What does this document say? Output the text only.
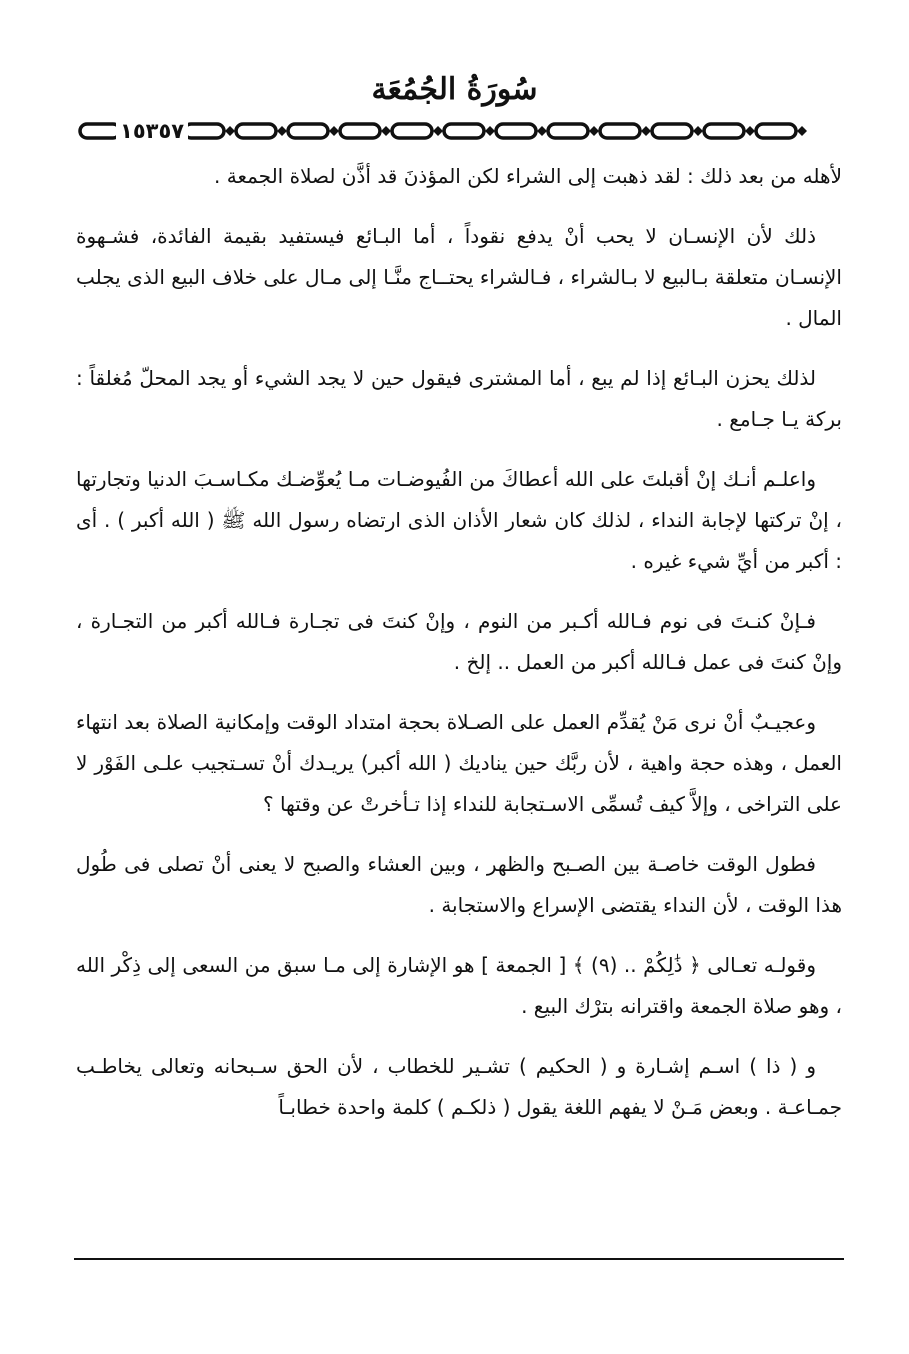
سُورَةُ الجُمُعَة
١٥٣٥٧

لأهله من بعد ذلك : لقد ذهبت إلى الشراء لكن المؤذنَ قد أذَّن لصلاة الجمعة .

ذلك لأن الإنسـان لا يحب أنْ يدفع نقوداً ، أما البـائع فيستفيد بقيمة الفائدة، فشـهوة الإنسـان متعلقة بـالبيع لا بـالشراء ، فـالشراء يحتــاج منَّـا إلى مـال على خلاف البيع الذى يجلب المال .

لذلك يحزن البـائع إذا لم يبع ، أما المشترى فيقول حين لا يجد الشيء أو يجد المحلّ مُغلقاً : بركة يـا جـامع .

واعلـم أنـك إنْ أقبلتَ على الله أعطاكَ من الفُيوضـات مـا يُعوِّضـك مكـاسـبَ الدنيا وتجارتها ، إنْ تركتها لإجابة النداء ، لذلك كان شعار الأذان الذى ارتضاه رسول الله ﷺ ( الله أكبر ) . أى : أكبر من أيِّ شيء غيره .

فـإنْ كنـتَ فى نوم فـالله أكـبر من النوم ، وإنْ كنتَ فى تجـارة فـالله أكبر من التجـارة ، وإنْ كنتَ فى عمل فـالله أكبر من العمل .. إلخ .

وعجيـبٌ أنْ نرى مَنْ يُقدِّم العمل على الصـلاة بحجة امتداد الوقت وإمكانية الصلاة بعد انتهاء العمل ، وهذه حجة واهية ، لأن ربَّك حين يناديك ( الله أكبر) يريـدك أنْ تسـتجيب علـى الفَوْر لا على التراخى ، وإلاَّ كيف تُسمِّى الاسـتجابة للنداء إذا تـأخرتْ عن وقتها ؟

فطول الوقت خاصـة بين الصـبح والظهر ، وبين العشاء والصبح لا يعنى أنْ تصلى فى طُول هذا الوقت ، لأن النداء يقتضى الإسراع والاستجابة .

وقولـه تعـالى ﴿ ذَٰلِكُمْ .. (٩) ﴾ [ الجمعة ] هو الإشارة إلى مـا سبق من السعى إلى ذِكْر الله ، وهو صلاة الجمعة واقترانه بترْك البيع .

و ( ذا ) اسـم إشـارة و ( الحكيم ) تشـير للخطاب ، لأن الحق سـبحانه وتعالى يخاطـب جمـاعـة . وبعض مَـنْ لا يفهم اللغة يقول ( ذلكـم ) كلمة واحدة خطابـاً
